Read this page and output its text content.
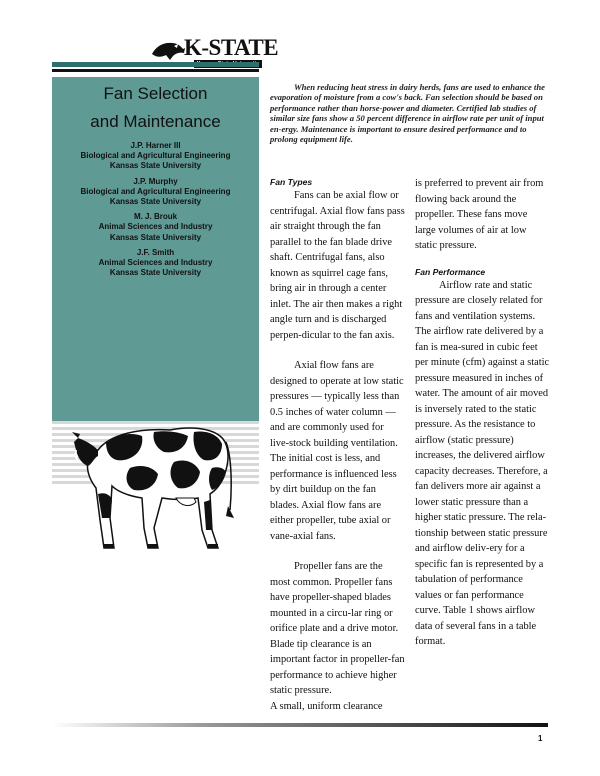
K-STATE
Fan Selection
and Maintenance
J.P. Harner III
Biological and Agricultural Engineering
Kansas State University
J.P. Murphy
Biological and Agricultural Engineering
Kansas State University
M. J. Brouk
Animal Sciences and Industry
Kansas State University
J.F. Smith
Animal Sciences and Industry
Kansas State University

When reducing heat stress in dairy herds, fans are used to enhance the evaporation of moisture from a cow's back. Fan selection should be based on performance rather than horse-power and diameter. Certified lab studies of similar size fans show a 50 percent difference in airflow rate per unit of input en-ergy. Maintenance is important to ensure desired performance and to prolong equipment life.

Fan Types

Fans can be axial flow or centrifugal. Axial flow fans pass air straight through the fan parallel to the fan blade drive shaft. Centrifugal fans, also known as squirrel cage fans, bring air in through a center inlet. The air then makes a right angle turn and is discharged perpen-dicular to the fan axis.

Axial flow fans are designed to operate at low static pressures — typically less than 0.5 inches of water column — and are commonly used for live-stock building ventilation. The initial cost is less, and performance is influenced less by dirt buildup on the fan blades. Axial flow fans are either propeller, tube axial or vane-axial fans.

Propeller fans are the most common. Propeller fans have propeller-shaped blades mounted in a circu-lar ring or orifice plate and a drive motor. Blade tip clearance is an important factor in propeller-fan performance to achieve higher static pressure.

A small, uniform clearance

is preferred to prevent air from flowing back around the propeller. These fans move large volumes of air at low static pressure.

Fan Performance

Airflow rate and static pressure are closely related for fans and ventilation systems. The airflow rate delivered by a fan is mea-sured in cubic feet per minute (cfm) against a static pressure measured in inches of water. The amount of air moved is inversely rated to the static pressure. As the resistance to airflow (static pressure) increases, the delivered airflow capacity decreases. Therefore, a fan delivers more air against a lower static pressure than a higher static pressure. The rela-tionship between static pressure and airflow deliv-ery for a specific fan is represented by a tabulation of performance values or fan performance curve. Table 1 shows airflow data of several fans in a table format.

1
